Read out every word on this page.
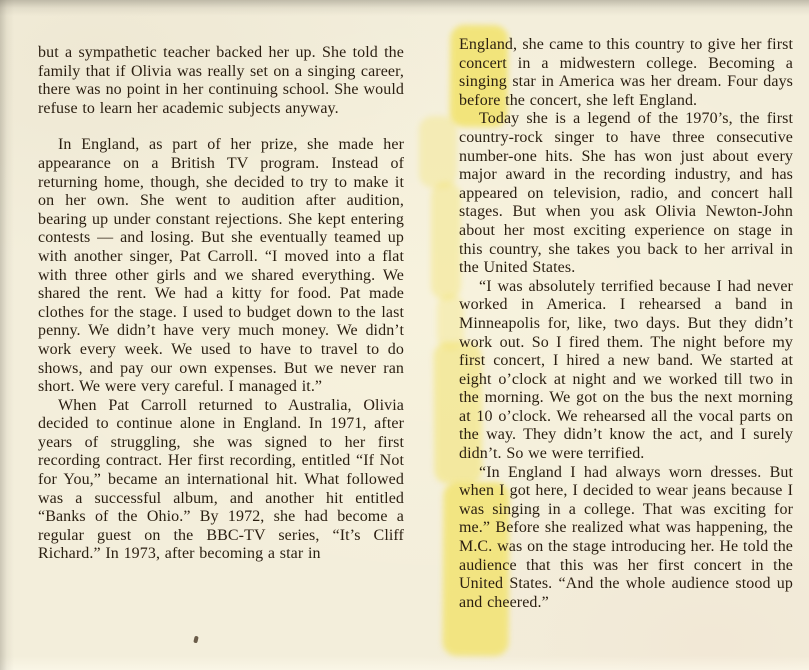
but a sympathetic teacher backed her up. She told the family that if Olivia was really set on a singing career, there was no point in her continuing school. She would refuse to learn her academic subjects anyway.

In England, as part of her prize, she made her appearance on a British TV program. Instead of returning home, though, she decided to try to make it on her own. She went to audition after audition, bearing up under constant rejections. She kept entering contests — and losing. But she eventually teamed up with another singer, Pat Carroll. “I moved into a flat with three other girls and we shared everything. We shared the rent. We had a kitty for food. Pat made clothes for the stage. I used to budget down to the last penny. We didn’t have very much money. We didn’t work every week. We used to have to travel to do shows, and pay our own expenses. But we never ran short. We were very careful. I managed it.”

When Pat Carroll returned to Australia, Olivia decided to continue alone in England. In 1971, after years of struggling, she was signed to her first recording contract. Her first recording, entitled “If Not for You,” became an international hit. What followed was a successful album, and another hit entitled “Banks of the Ohio.” By 1972, she had become a regular guest on the BBC-TV series, “It’s Cliff Richard.” In 1973, after becoming a star in

England, she came to this country to give her first concert in a midwestern college. Becoming a singing star in America was her dream. Four days before the concert, she left England.

Today she is a legend of the 1970’s, the first country-rock singer to have three consecutive number-one hits. She has won just about every major award in the recording industry, and has appeared on television, radio, and concert hall stages. But when you ask Olivia Newton-John about her most exciting experience on stage in this country, she takes you back to her arrival in the United States.

“I was absolutely terrified because I had never worked in America. I rehearsed a band in Minneapolis for, like, two days. But they didn’t work out. So I fired them. The night before my first concert, I hired a new band. We started at eight o’clock at night and we worked till two in the morning. We got on the bus the next morning at 10 o’clock. We rehearsed all the vocal parts on the way. They didn’t know the act, and I surely didn’t. So we were terrified.

“In England I had always worn dresses. But when I got here, I decided to wear jeans because I was singing in a college. That was exciting for me.” Before she realized what was happening, the M.C. was on the stage introducing her. He told the audience that this was her first concert in the United States. “And the whole audience stood up and cheered.”
